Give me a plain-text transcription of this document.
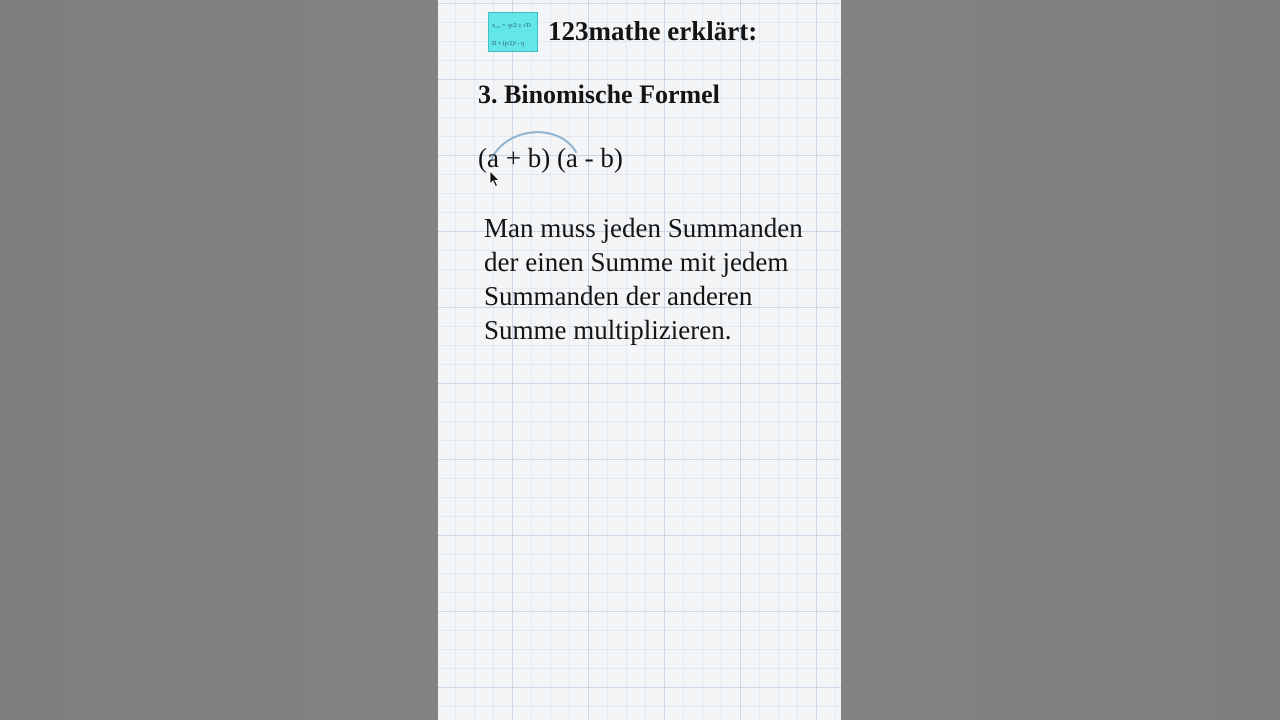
x₁,₂ = -p/2 ± √D
D = (p/2)² - q 123mathe erklärt:
3. Binomische Formel
(a + b) (a - b)
Man muss jeden Summanden
der einen Summe mit jedem
Summanden der anderen
Summe multiplizieren.
